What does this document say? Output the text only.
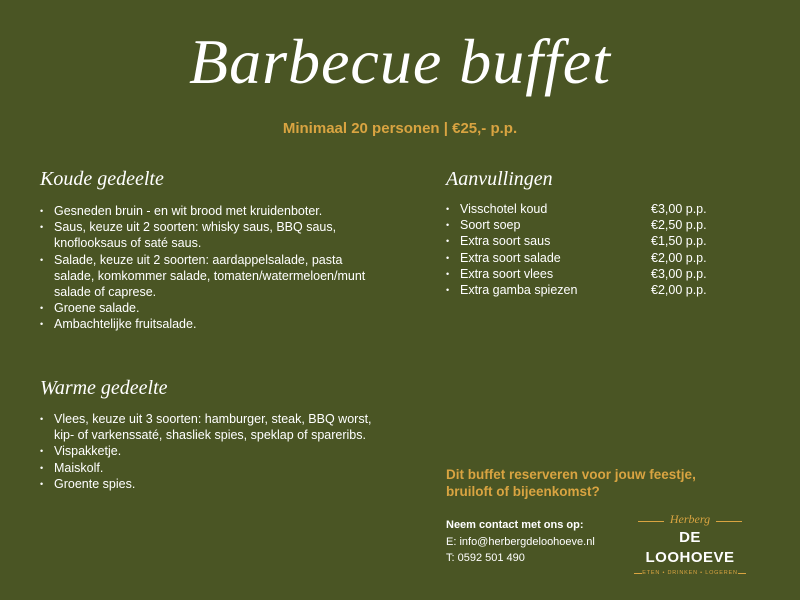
Barbecue buffet
Minimaal 20 personen | €25,- p.p.
Koude gedeelte
• Gesneden bruin - en wit brood met kruidenboter.
• Saus, keuze uit 2 soorten: whisky saus, BBQ saus, knoflooksaus of saté saus.
• Salade, keuze uit 2 soorten: aardappelsalade, pasta salade, komkommer salade, tomaten/watermeloen/munt salade of caprese.
• Groene salade.
• Ambachtelijke fruitsalade.
Warme gedeelte
• Vlees, keuze uit 3 soorten: hamburger, steak, BBQ worst, kip- of varkenssaté, shasliek spies, speklap of spareribs.
• Vispakketje.
• Maiskolf.
• Groente spies.
Aanvullingen
• Visschotel koud	€3,00 p.p.
• Soort soep	€2,50 p.p.
• Extra soort saus	€1,50 p.p.
• Extra soort salade	€2,00 p.p.
• Extra soort vlees	€3,00 p.p.
• Extra gamba spiezen	€2,00 p.p.
Dit buffet reserveren voor jouw feestje,
bruiloft of bijeenkomst?
Neem contact met ons op:
E: info@herbergdeloohoeve.nl
T: 0592 501 490
Herberg
DE LOOHOEVE
ETEN • DRINKEN • LOGEREN
